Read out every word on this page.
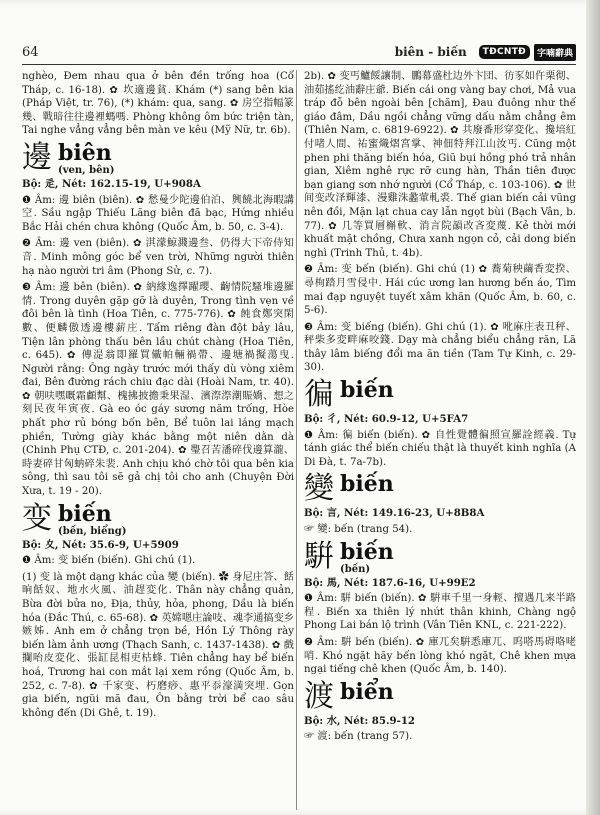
64	biên - biến	TĐCNTĐ	字喃辭典

nghèo, Đem nhau qua ở bên đền trống hoa (Cổ Tháp, c. 16-18). ✿ 坎適邊貧. Khám (*) sang bên kia (Pháp Việt, tr. 76), (*) khám: qua, sang. ✿ 房空指幅篆幾、戰暗往往邊裡螞嗎. Phòng không ôm bức triện tàn, Tai nghe vẳng vẳng bên màn ve kêu (Mỹ Nữ, tr. 6b).

邊 biên
(ven, bên)

Bộ: 辵, Nét: 162.15-19, U+908A

❶ Âm: 邊 biên (biên). ✿ 愁曼少陀邊伯泊、興饒北海暇講空. Sầu ngập Thiếu Lăng biên đã bạc, Hứng nhiều Bắc Hải chén chưa không (Quốc Âm, b. 50, c. 3-4).

❷ Âm: 邊 ven (biên). ✿ 淇濛鯨濺邊叁、仍得大下帝侍知音. Minh mông góc bể ven trời, Những người thiên hạ nào người tri âm (Phong Sử, c. 7).

❸ Âm: 邊 bên (biên). ✿ 納緣逸擇躍瓔、齣情院騷堆邊羅情. Trong duyên gặp gỡ là duyên, Trong tình vẹn về đôi bên là tình (Hoa Tiên, c. 775-776). ✿ 飩食鄭突閑數、便麟傲透邊樓薪庄. Tấm riêng đàn đột bảy lâu, Tiện lân phòng thấu bên lầu chút chàng (Hoa Tiên, c. 645). ✿ 傳湜翁即羅買儎帕輛禍帶、邊塘禍擬蕩曳. Người rằng: Ông ngày trước mới thấy dù vòng xiêm đai, Bên đường rách chiu đạc dài (Hoài Nam, tr. 40). ✿ 朝呋嘿嘅霜顱幫、槐拂披擔秉果湿、濱漈漈潮賑嬌、想之刻民夜年寅夜. Gà eo óc gáy sương năm trống, Hòe phất phơ rủ bóng bốn bên, Bể tuôn lai láng mạch phiền, Tường giày khác bằng một niên dằn dà (Chinh Phụ CTĐ, c. 201-204). ✿ 璺召苦潘碎伐邊算瀧、時妻碎甘匈蚋碎朱裴. Anh chịu khó chờ tôi qua bên kia sông, thì sau tôi sẽ gả chị tôi cho anh (Chuyện Đời Xưa, t. 19 - 20).

变 biến
(bến, biểng)

Bộ: 夊, Nét: 35.6-9, U+5909

❶ Âm: 变 biến (biến). Ghi chú (1).

(1) 变 là một dạng khác của 變 (biến). ✿ 身尼庄答、餂晌餂奴、地水火風、油趕変化. Thân này chẳng quản, Bừa đời bửa no, Địa, thủy, hỏa, phong, Dầu là biến hóa (Đắc Thú, c. 65-68). ✿ 英嫦嗯庄論吱、魂李通搞变乡嫉姊. Anh em ở chẳng trọn bề, Hồn Lý Thông rày biến làm ảnh ương (Thạch Sanh, c. 1437-1438). ✿ 戲攔咍皮変化、張缸昆相吏枯蜂. Tiên chẳng hay bể biến hoá, Trương hai con mắt lại xem rồng (Quốc Âm, b. 252, c. 7-8). ✿ 千家变、朽磨痧、惠平忝濠満突埋. Gọn gia biến, ngũi mã đau, Ôn bằng trời bể cao sâu không đến (Di Ghê, t. 19).

2b). ✿ 变丐鱸餒讓制、鵬幕盛杜边外卞団、彷豕如仵栗彻、油茹搖纥油辭庄爺. Biến cái ong vàng bay chơi, Mả vua tráp đỗ bên ngoài bên [chăm], Đau đuông như thế giáo đâm, Dầu ngồi chẳng vững dấu nằm chẳng êm (Thiên Nam, c. 6819-6922). ✿ 共廢番形穿変化、攙培紅付啫人間、祐蜜熾熠宮掌、神佃特拜江山汝丐. Cũng một phen phi thăng biến hóa, Giũ bụi hồng phó trả nhân gian, Xiêm nghê rực rỡ cung hàn, Thần tiên được bạn giang sơn nhớ người (Cổ Tháp, c. 103-106). ✿ 世间变改泽輝漆、漫雞洙蠡葷軋裘. Thế gian biến cải vũng nên đồi, Mặn lạt chua cay lẫn ngọt bùi (Bạch Vân, b. 77). ✿ 几等買層槲軟、消言院韻改吝変蔑. Kẻ thời mới khuất mặt chồng, Chưa xanh ngọn cỏ, cải dong biến nghì (Trinh Thủ, t. 4b).

❷ Âm: 变 bến (biến). Ghi chú (1) ✿ 蕎菊秧繭香変揆、尋栒踏月雪侵中. Hái cúc ương lan hương bến áo, Tìm mai đạp nguyệt tuyết xâm khăn (Quốc Âm, b. 60, c. 5-6).

❸ Âm: 变 biếng (biến). Ghi chú (1). ✿ 吪麻庄表丑秤、秤柴多変畔麻咬錢. Dạy mà chẳng biểu chẳng răn, Lã thây lâm biếng đổi ma ăn tiền (Tam Tự Kinh, c. 29-30).

徧 biến

Bộ: 彳, Nét: 60.9-12, U+5FA7

❶ Âm: 徧 biến (biến). ✿ 自性覺體徧照宣羅詮經義. Tự tánh giác thể biến chiếu thật là thuyết kinh nghĩa (A Di Đà, t. 7a-7b).

變 biến

Bộ: 言, Nét: 149.16-23, U+8B8A

☞ 變: bến (trang 54).

騈 biến
(bến)

Bộ: 馬, Nét: 187.6-16, U+99E2

❶ Âm: 騈 biến (biến). ✿ 騈車千里一身輕、擅遇几来半路程. Biến xa thiên lý nhứt thân khinh, Chàng ngộ Phong Lai bán lộ trình (Vân Tiên KNL, c. 221-222).

❷ Âm: 騈 bến (biến). ✿ 庫兀矣騈悉庫兀、呜嗒馬碍咯咾哨. Khó ngặt hãy bến lòng khó ngặt, Chê khen mựa ngại tiếng chê khen (Quốc Âm, b. 140).

渡 biển

Bộ: 水, Nét: 85.9-12

☞ 渡: bến (trang 57).
